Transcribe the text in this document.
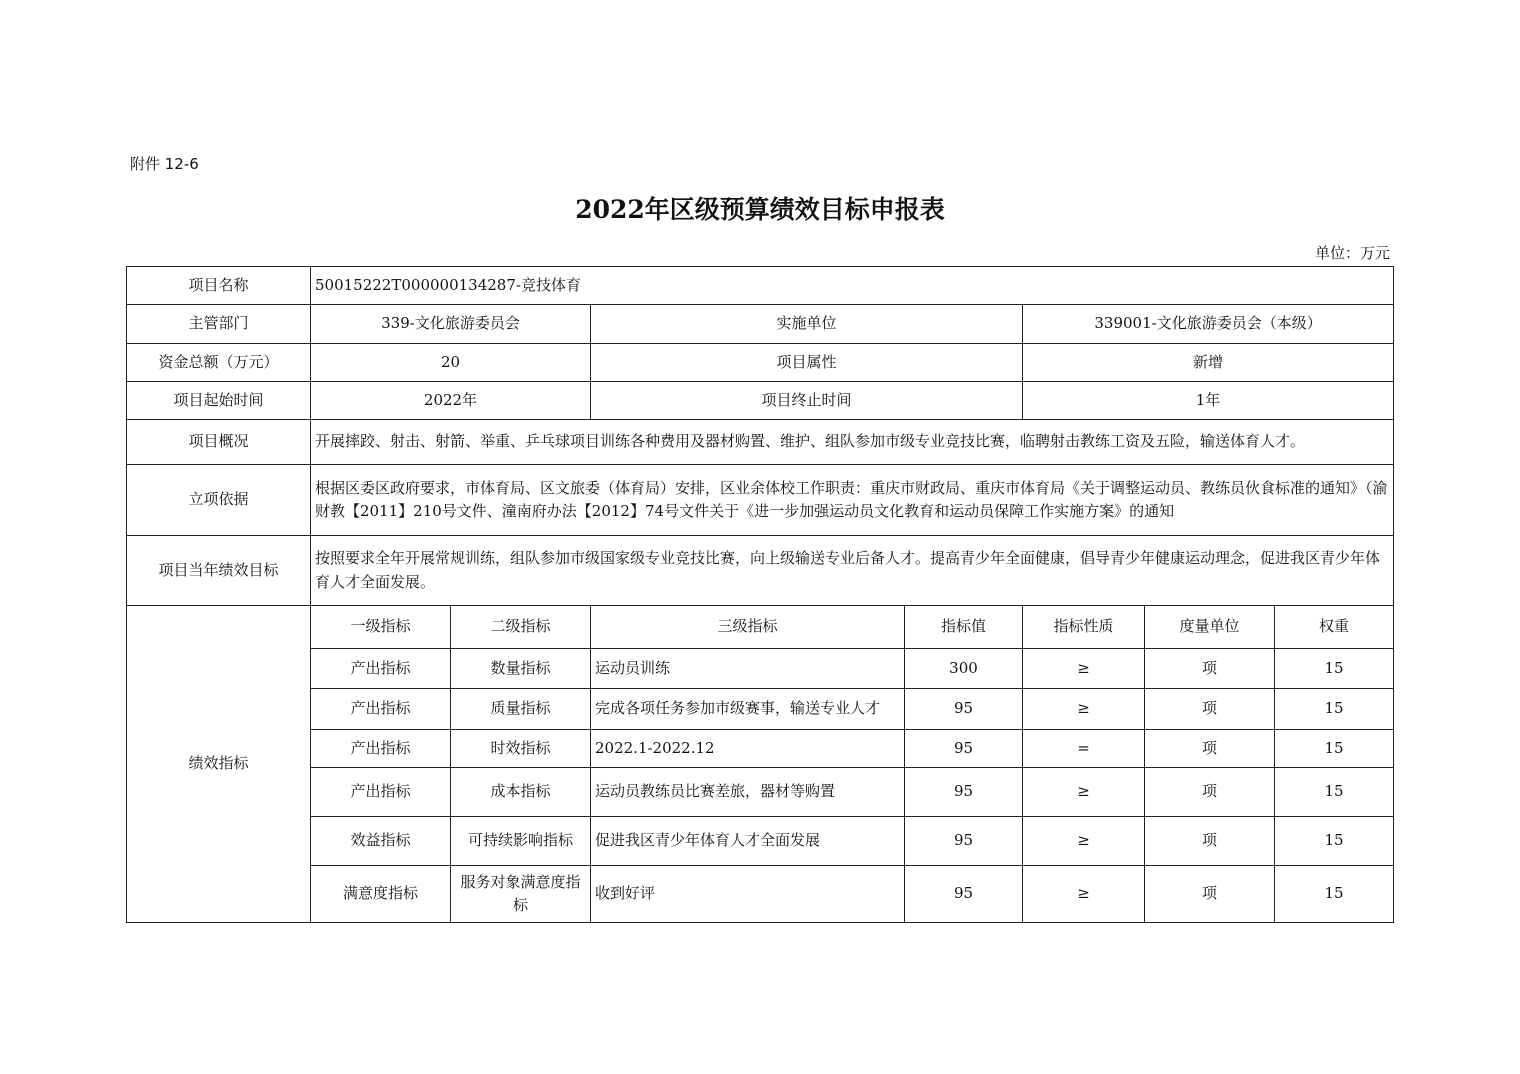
附件 12-6
2022年区级预算绩效目标申报表
单位：万元
项目名称	50015222T000000134287-竞技体育						
主管部门	339-文化旅游委员会		实施单位		339001-文化旅游委员会（本级）		
资金总额（万元）	20		项目属性		新增		
项目起始时间	2022年		项目终止时间		1年		
项目概况	开展摔跤、射击、射箭、举重、乒乓球项目训练各种费用及器材购置、维护、组队参加市级专业竞技比赛，临聘射击教练工资及五险，输送体育人才。						
立项依据	根据区委区政府要求，市体育局、区文旅委（体育局）安排，区业余体校工作职责：重庆市财政局、重庆市体育局《关于调整运动员、教练员伙食标准的通知》（渝财教【2011】210号文件、潼南府办法【2012】74号文件关于《进一步加强运动员文化教育和运动员保障工作实施方案》的通知						
项目当年绩效目标	按照要求全年开展常规训练，组队参加市级国家级专业竞技比赛，向上级输送专业后备人才。提高青少年全面健康，倡导青少年健康运动理念，促进我区青少年体育人才全面发展。						
绩效指标	一级指标	二级指标	三级指标	指标值	指标性质	度量单位	权重
	产出指标	数量指标	运动员训练	300	≥	项	15
	产出指标	质量指标	完成各项任务参加市级赛事，输送专业人才	95	≥	项	15
	产出指标	时效指标	2022.1-2022.12	95	=	项	15
	产出指标	成本指标	运动员教练员比赛差旅，器材等购置	95	≥	项	15
	效益指标	可持续影响指标	促进我区青少年体育人才全面发展	95	≥	项	15
	满意度指标	服务对象满意度指标	收到好评	95	≥	项	15
